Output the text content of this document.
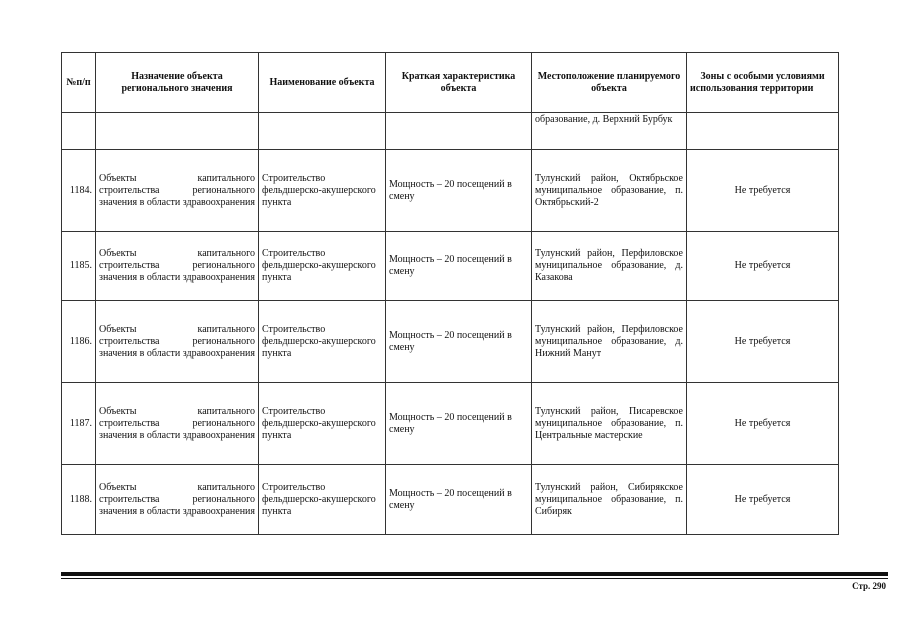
№п/п	Назначение объекта регионального значения	Наименование объекта	Краткая характеристика объекта	Местоположение планируемого объекта	Зоны с особыми условиями использования территории
				образование, д. Верхний Бурбук	
1184.	Объекты капитального строительства регионального значения в области здравоохранения	Строительство фельдшерско-акушерского пункта	Мощность – 20 посещений в смену	Тулунский район, Октябрьское муниципальное образование, п. Октябрьский-2	Не требуется
1185.	Объекты капитального строительства регионального значения в области здравоохранения	Строительство фельдшерско-акушерского пункта	Мощность – 20 посещений в смену	Тулунский район, Перфиловское муниципальное образование, д. Казакова	Не требуется
1186.	Объекты капитального строительства регионального значения в области здравоохранения	Строительство фельдшерско-акушерского пункта	Мощность – 20 посещений в смену	Тулунский район, Перфиловское муниципальное образование, д. Нижний Манут	Не требуется
1187.	Объекты капитального строительства регионального значения в области здравоохранения	Строительство фельдшерско-акушерского пункта	Мощность – 20 посещений в смену	Тулунский район, Писаревское муниципальное образование, п. Центральные мастерские	Не требуется
1188.	Объекты капитального строительства регионального значения в области здравоохранения	Строительство фельдшерско-акушерского пункта	Мощность – 20 посещений в смену	Тулунский район, Сибирякское муниципальное образование, п. Сибиряк	Не требуется
Стр. 290
